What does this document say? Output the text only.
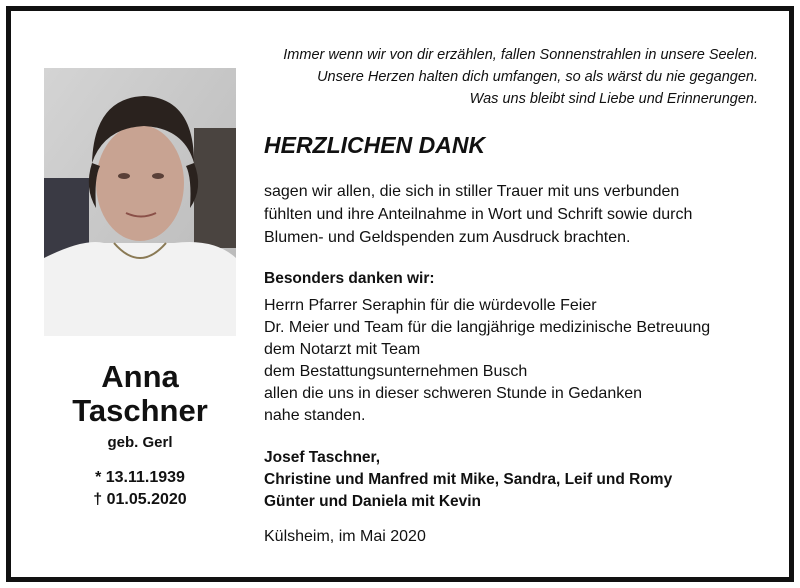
Anna
Taschner
geb. Gerl
* 13.11.1939
† 01.05.2020
Immer wenn wir von dir erzählen, fallen Sonnenstrahlen in unsere Seelen.
Unsere Herzen halten dich umfangen, so als wärst du nie gegangen.
Was uns bleibt sind Liebe und Erinnerungen.
HERZLICHEN DANK
sagen wir allen, die sich in stiller Trauer mit uns verbunden
fühlten und ihre Anteilnahme in Wort und Schrift sowie durch
Blumen- und Geldspenden zum Ausdruck brachten.
Besonders danken wir:
Herrn Pfarrer Seraphin für die würdevolle Feier
Dr. Meier und Team für die langjährige medizinische Betreuung
dem Notarzt mit Team
dem Bestattungsunternehmen Busch
allen die uns in dieser schweren Stunde in Gedanken
nahe standen.
Josef Taschner,
Christine und Manfred mit Mike, Sandra, Leif und Romy
Günter und Daniela mit Kevin
Külsheim, im Mai 2020
